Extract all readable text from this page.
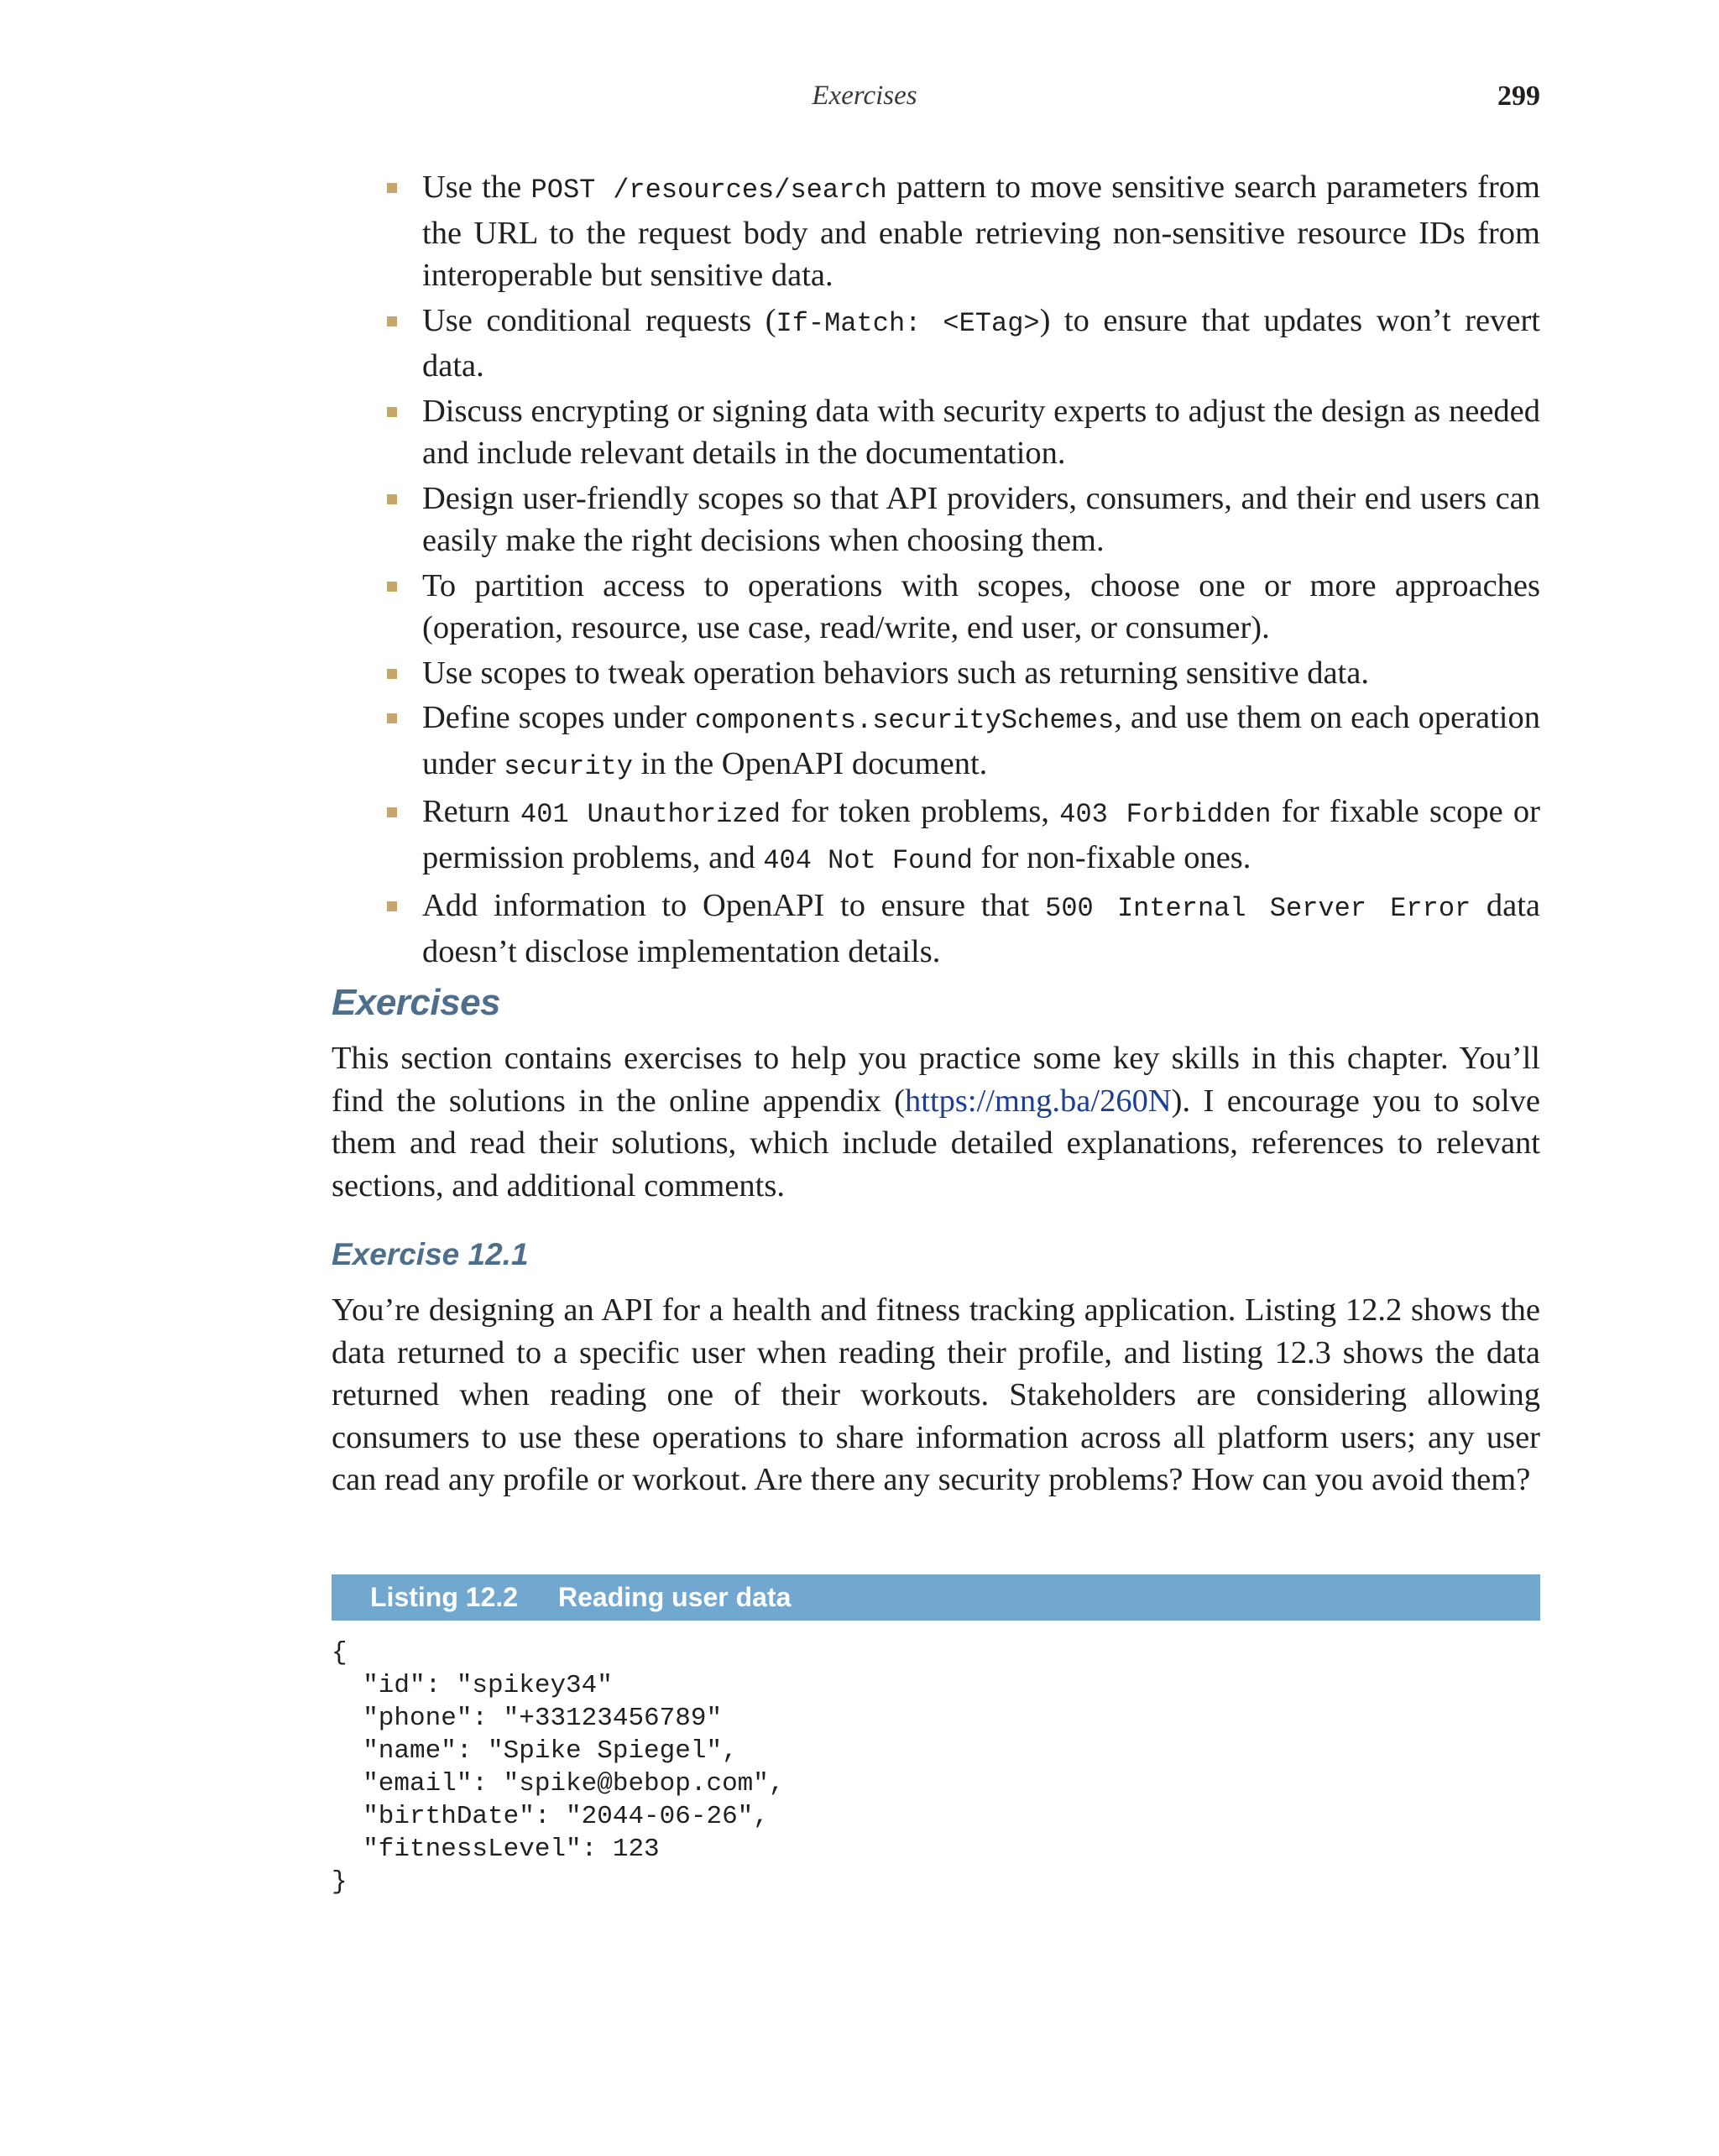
Exercises	299
Use the POST /resources/search pattern to move sensitive search parameters from the URL to the request body and enable retrieving non-sensitive resource IDs from interoperable but sensitive data.
Use conditional requests (If-Match: <ETag>) to ensure that updates won’t revert data.
Discuss encrypting or signing data with security experts to adjust the design as needed and include relevant details in the documentation.
Design user-friendly scopes so that API providers, consumers, and their end users can easily make the right decisions when choosing them.
To partition access to operations with scopes, choose one or more approaches (operation, resource, use case, read/write, end user, or consumer).
Use scopes to tweak operation behaviors such as returning sensitive data.
Define scopes under components.securitySchemes, and use them on each operation under security in the OpenAPI document.
Return 401 Unauthorized for token problems, 403 Forbidden for fixable scope or permission problems, and 404 Not Found for non-fixable ones.
Add information to OpenAPI to ensure that 500 Internal Server Error data doesn’t disclose implementation details.
Exercises

This section contains exercises to help you practice some key skills in this chapter. You’ll find the solutions in the online appendix (https://mng.ba/260N). I encourage you to solve them and read their solutions, which include detailed explanations, references to relevant sections, and additional comments.

Exercise 12.1

You’re designing an API for a health and fitness tracking application. Listing 12.2 shows the data returned to a specific user when reading their profile, and listing 12.3 shows the data returned when reading one of their workouts. Stakeholders are considering allowing consumers to use these operations to share information across all platform users; any user can read any profile or workout. Are there any security problems? How can you avoid them?

Listing 12.2 Reading user data
{
"id": "spikey34"
"phone": "+33123456789"
"name": "Spike Spiegel",
"email": "spike@bebop.com",
"birthDate": "2044-06-26",
"fitnessLevel": 123
}
